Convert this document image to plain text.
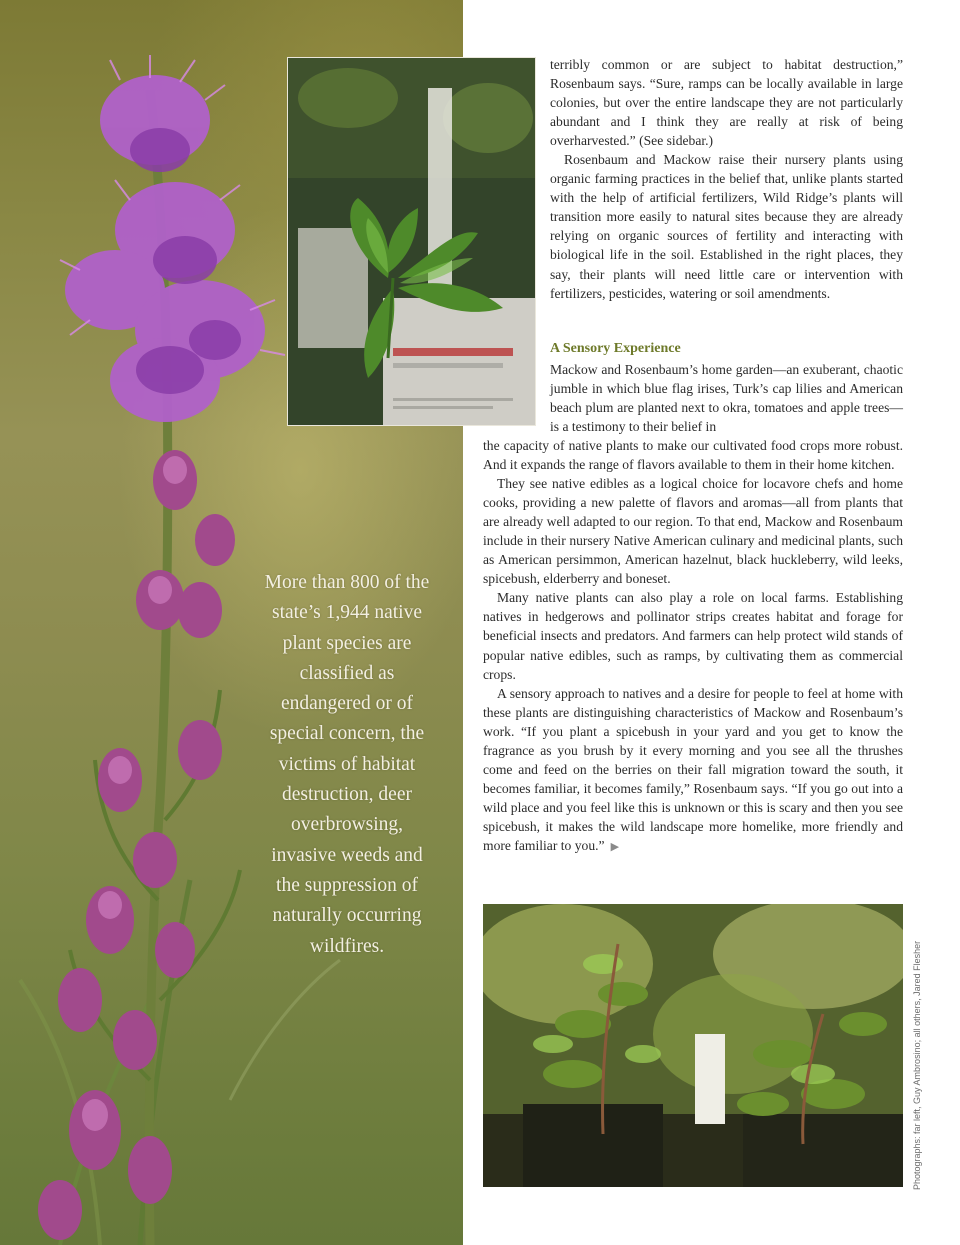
More than 800 of the state’s 1,944 native plant species are classified as endangered or of special concern, the victims of habitat destruction, deer overbrowsing, invasive weeds and the suppression of naturally occurring wildfires.

terribly common or are subject to habitat destruction,” Rosenbaum says. “Sure, ramps can be locally available in large colonies, but over the entire landscape they are not particularly abundant and I think they are really at risk of being overharvested.” (See sidebar.)

Rosenbaum and Mackow raise their nursery plants using organic farming practices in the belief that, unlike plants started with the help of artificial fertilizers, Wild Ridge’s plants will transition more easily to natural sites because they are already relying on organic sources of fertility and interacting with biological life in the soil. Established in the right places, they say, their plants will need little care or intervention with fertilizers, pesticides, watering or soil amendments.

A Sensory Experience

Mackow and Rosenbaum’s home garden—an exuberant, chaotic jumble in which blue flag irises, Turk’s cap lilies and American beach plum are planted next to okra, tomatoes and apple trees—is a testimony to their belief in

the capacity of native plants to make our cultivated food crops more robust. And it expands the range of flavors available to them in their home kitchen.

They see native edibles as a logical choice for locavore chefs and home cooks, providing a new palette of flavors and aromas—all from plants that are already well adapted to our region. To that end, Mackow and Rosenbaum include in their nursery Native American culinary and medicinal plants, such as American persimmon, American hazelnut, black huckleberry, wild leeks, spicebush, elderberry and boneset.

Many native plants can also play a role on local farms. Establishing natives in hedgerows and pollinator strips creates habitat and forage for beneficial insects and predators. And farmers can help protect wild stands of popular native edibles, such as ramps, by cultivating them as commercial crops.

A sensory approach to natives and a desire for people to feel at home with these plants are distinguishing characteristics of Mackow and Rosenbaum’s work. “If you plant a spicebush in your yard and you get to know the fragrance as you brush by it every morning and you see all the thrushes come and feed on the berries on their fall migration toward the south, it becomes familiar, it becomes family,” Rosenbaum says. “If you go out into a wild place and you feel like this is unknown or this is scary and then you see spicebush, it makes the wild landscape more homelike, more friendly and more familiar to you.” ▶

Photographs: far left, Guy Ambrosino; all others, Jared Flesher
